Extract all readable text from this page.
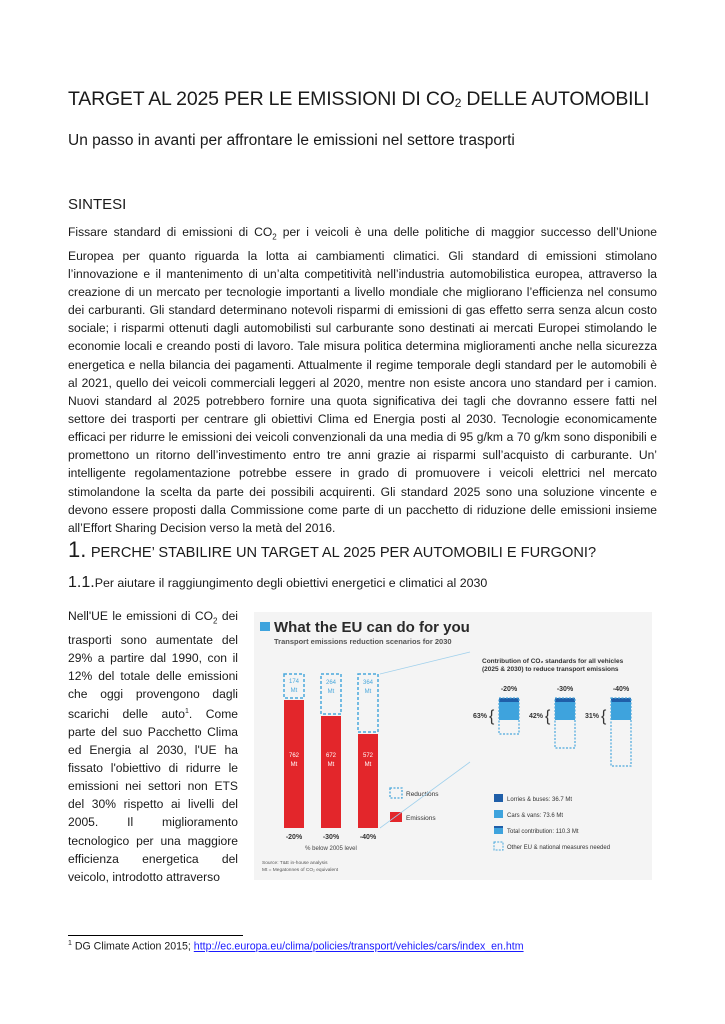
TARGET AL 2025 PER LE EMISSIONI DI $CO_2$ DELLE AUTOMOBILI
Un passo in avanti per affrontare le emissioni nel settore trasporti
SINTESI
Fissare standard di emissioni di $CO_2$ per i veicoli è una delle politiche di maggior successo dell’Unione Europea per quanto riguarda la lotta ai cambiamenti climatici. Gli standard di emissioni stimolano l’innovazione e il mantenimento di un’alta competitività nell’industria automobilistica europea, attraverso la creazione di un mercato per tecnologie importanti a livello mondiale che migliorano l’efficienza nel consumo dei carburanti. Gli standard determinano notevoli risparmi di emissioni di gas effetto serra senza alcun costo sociale; i risparmi ottenuti dagli automobilisti sul carburante sono destinati ai mercati Europei stimolando le economie locali e creando posti di lavoro. Tale misura politica determina miglioramenti anche nella sicurezza energetica e nella bilancia dei pagamenti. Attualmente il regime temporale degli standard per le automobili è al 2021, quello dei veicoli commerciali leggeri al 2020, mentre non esiste ancora uno standard per i camion. Nuovi standard al 2025 potrebbero fornire una quota significativa dei tagli che dovranno essere fatti nel settore dei trasporti per centrare gli obiettivi Clima ed Energia posti al 2030. Tecnologie economicamente efficaci per ridurre le emissioni dei veicoli convenzionali da una media di 95 g/km a 70 g/km sono disponibili e promettono un ritorno dell’investimento entro tre anni grazie ai risparmi sull’acquisto di carburante. Un’ intelligente regolamentazione potrebbe essere in grado di promuovere i veicoli elettrici nel mercato stimolandone la scelta da parte dei possibili acquirenti. Gli standard 2025 sono una soluzione vincente e devono essere proposti dalla Commissione come parte di un pacchetto di riduzione delle emissioni insieme all’Effort Sharing Decision verso la metà del 2016.
1. PERCHE’ STABILIRE UN TARGET AL 2025 PER AUTOMOBILI E FURGONI?
1.1.Per aiutare il raggiungimento degli obiettivi energetici e climatici al 2030
Nell'UE le emissioni di $CO_2$ dei trasporti sono aumentate del 29% a partire dal 1990, con il 12% del totale delle emissioni che oggi provengono dagli scarichi delle auto$^1$. Come parte del suo Pacchetto Clima ed Energia al 2030, l'UE ha fissato l'obiettivo di ridurre le emissioni nei settori non ETS del 30% rispetto ai livelli del 2005. Il miglioramento tecnologico per una maggiore efficienza energetica del veicolo, introdotto attraverso
What the EU can do for you
Transport emissions reduction scenarios for 2030
174
Mt
762
Mt
-20%
264
Mt
672
Mt
-30%
364
Mt
572
Mt
-40%
% below 2005 level
Reductions
Emissions
Source: T&E in-house analysis
Mt = Megatonnes of CO₂ equivalent
Contribution of CO₂ standards for all vehicles
(2025 & 2030) to reduce transport emissions
-20%
63% {
-30%
42% {
-40%
31% {
Lorries & buses: 36.7 Mt
Cars & vans: 73.6 Mt
Total contribution: 110.3 Mt
Other EU & national measures needed
$^1$ DG Climate Action 2015; http://ec.europa.eu/clima/policies/transport/vehicles/cars/index_en.htm
